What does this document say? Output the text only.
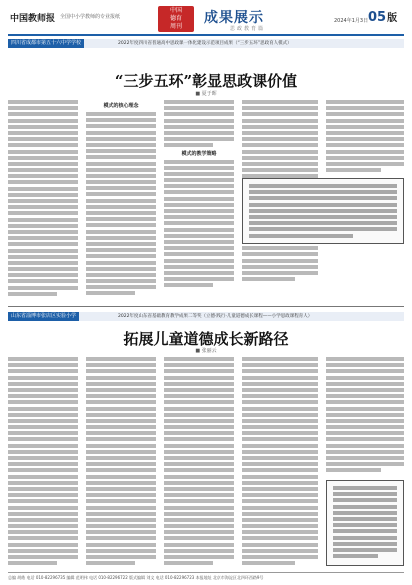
中国教师报 全国中小学教师的专业报纸
中国
德育
周刊
成果展示
思政教育篇
2024年1月3日 05版
四川省成都市第五十六中学学校	2022年度四川省普通高中思政课一体化建设示范项目成果（“三步五环”思政育人模式）
“三步五环”彰显思政课价值
■ 夏于晖
模式的核心理念
模式的教学策略
山东省淄博市张店区实验小学	2022年度山东省基础教育教学成果二等奖（立德·践行·儿童道德成长课程——小学思政课程育人）
拓展儿童道德成长新路径
■ 张丽云
总编 胡皓 电话 010-82296735 编辑 范明伟 电话 010-82296722 版式编辑 刘文 电话 010-82296723 本报地址 北京市海淀区北四环西路9号
